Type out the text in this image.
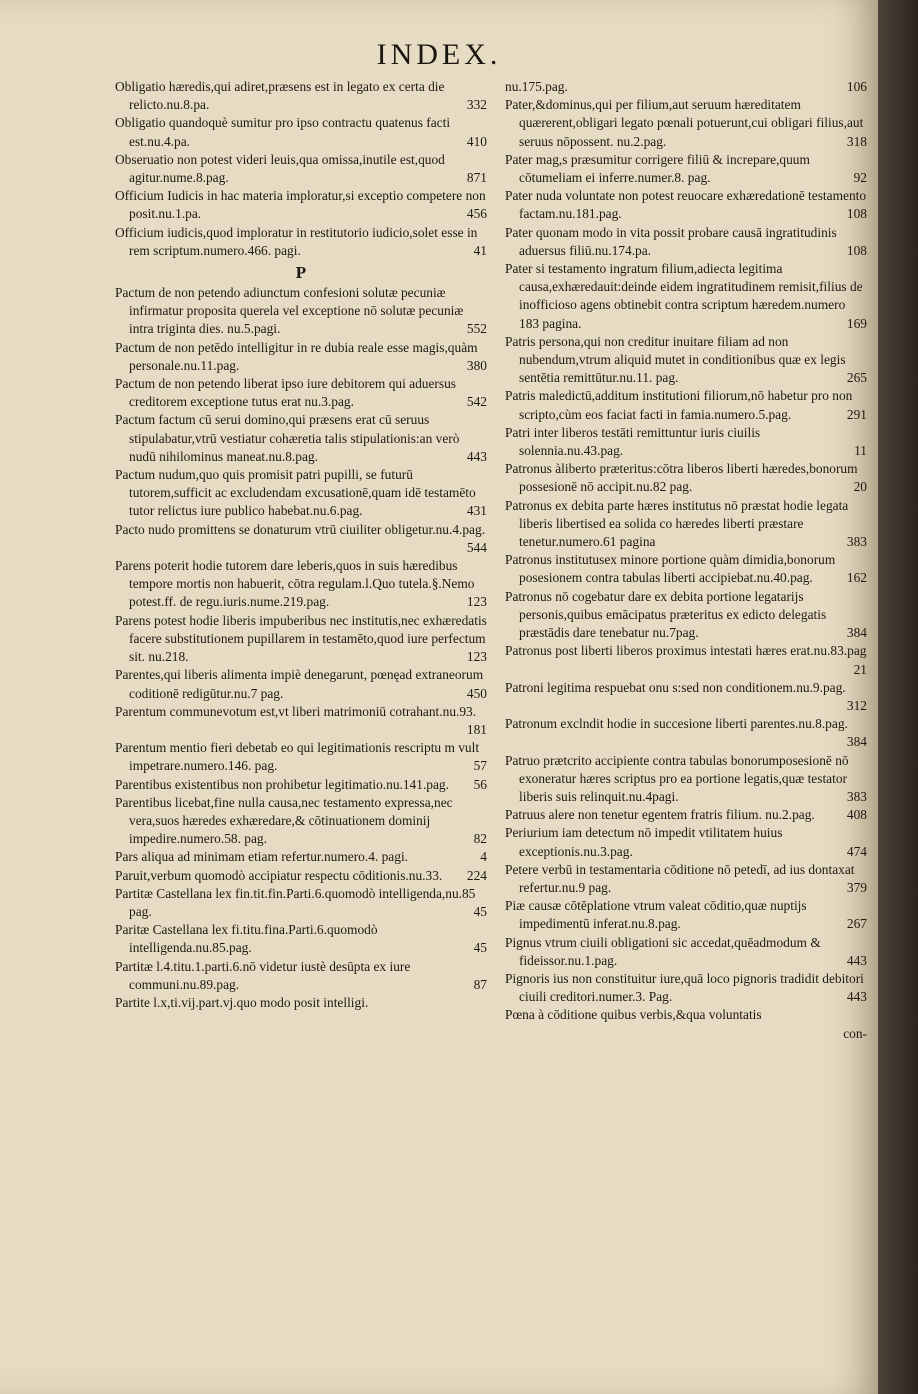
INDEX.

Obligatio hæredis,qui adiret,præsens est in legato ex certa die relicto.nu.8.pa.	332

Obligatio quandoquè sumitur pro ipso contractu quatenus facti est.nu.4.pa.	410

Obseruatio non potest videri leuis,qua omissa,inutile est,quod agitur.nume.8.pag.	871

Officium Iudicis in hac materia imploratur,si exceptio competere non posit.nu.1.pa.	456

Officium iudicis,quod imploratur in restitutorio iudicio,solet esse in rem scriptum.numero.466. pagi.	41

P

Pactum de non petendo adiunctum confesioni solutæ pecuniæ infirmatur proposita querela vel exceptione nō solutæ pecuniæ intra triginta dies. nu.5.pagi.	552

Pactum de non petēdo intelligitur in re dubia reale esse magis,quàm personale.nu.11.pag.	380

Pactum de non petendo liberat ipso iure debitorem qui aduersus creditorem exceptione tutus erat nu.3.pag.	542

Pactum factum cū serui domino,qui præsens erat cū seruus stipulabatur,vtrū vestiatur cohæretia talis stipulationis:an verò nudū nihilominus maneat.nu.8.pag.	443

Pactum nudum,quo quis promisit patri pupilli, se futurū tutorem,sufficit ac excludendam excusationē,quam idē testamēto tutor relictus iure publico habebat.nu.6.pag.	431

Pacto nudo promittens se donaturum vtrū ciuiliter obligetur.nu.4.pag.
544

Parens poterit hodie tutorem dare leberis,quos in suis hæredibus tempore mortis non habuerit, cōtra regulam.l.Quo tutela.§.Nemo potest.ff. de regu.iuris.nume.219.pag.	123

Parens potest hodie liberis impuberibus nec institutis,nec exhæredatis facere substitutionem pupillarem in testamēto,quod iure perfectum sit. nu.218.	123

Parentes,qui liberis alimenta impiè denegarunt, pœnęad extraneorum coditionē redigūtur.nu.7 pag.	450

Parentum communevotum est,vt liberi matrimoniū cotrahant.nu.93.
181

Parentum mentio fieri debetab eo qui legitimationis rescriptu m vult impetrare.numero.146. pag.	57

Parentibus existentibus non prohibetur legitimatio.nu.141.pag.	56

Parentibus licebat,fine nulla causa,nec testamento expressa,nec vera,suos hæredes exhæredare,& cōtinuationem dominij impedire.numero.58. pag.	82

Pars aliqua ad minimam etiam refertur.numero.4. pagi.	4

Paruit,verbum quomodò accipiatur respectu cōditionis.nu.33.	224

Partitæ Castellana lex fin.tit.fin.Parti.6.quomodò intelligenda,nu.85 pag.	45

Paritæ Castellana lex fi.titu.fina.Parti.6.quomodò intelligenda.nu.85.pag.	45

Partitæ l.4.titu.1.parti.6.nō videtur iustè desūpta ex iure communi.nu.89.pag.	87

Partite l.x,ti.vij.part.vj.quo modo posit intelligi.

nu.175.pag.	106

Pater,&dominus,qui per filium,aut seruum hæreditatem quærerent,obligari legato pœnali potuerunt,cui obligari filius,aut seruus nōpossent. nu.2.pag.	318

Pater mag,s præsumitur corrigere filiū & increpare,quum cōtumeliam ei inferre.numer.8. pag.	92

Pater nuda voluntate non potest reuocare exhæredationē testamento factam.nu.181.pag.	108

Pater quonam modo in vita possit probare causā ingratitudinis aduersus filiū.nu.174.pa.	108

Pater si testamento ingratum filium,adiecta legitima causa,exhæredauit:deinde eidem ingratitudinem remisit,filius de inofficioso agens obtinebit contra scriptum hæredem.numero 183 pagina.	169

Patris persona,qui non creditur inuitare filiam ad non nubendum,vtrum aliquid mutet in conditionibus quæ ex legis sentētia remittūtur.nu.11. pag.	265

Patris maledictū,additum institutioni filiorum,nō habetur pro non scripto,cùm eos faciat facti in famia.numero.5.pag.	291

Patri inter liberos testāti remittuntur iuris ciuilis solennia.nu.43.pag.	11

Patronus àliberto præteritus:cōtra liberos liberti hæredes,bonorum possesionē nō accipit.nu.82 pag.	20

Patronus ex debita parte hæres institutus nō præstat hodie legata liberis libertised ea solida co hæredes liberti præstare tenetur.numero.61 pagina	383

Patronus institutusex minore portione quàm dimidia,bonorum posesionem contra tabulas liberti accipiebat.nu.40.pag.	162

Patronus nō cogebatur dare ex debita portione legatarijs personis,quibus emācipatus præteritus ex edicto delegatis præstādis dare tenebatur nu.7pag.	384

Patronus post liberti liberos proximus intestati hæres erat.nu.83.pag
21

Patroni legitima respuebat onu s:sed non conditionem.nu.9.pag.
312

Patronum exclndit hodie in succesione liberti parentes.nu.8.pag.
384

Patruo prætcrito accipiente contra tabulas bonorumposesionē nō exoneratur hæres scriptus pro ea portione legatis,quæ testator liberis suis relinquit.nu.4pagi.	383

Patruus alere non tenetur egentem fratris filium. nu.2.pag.	408

Periurium iam detectum nō impedit vtilitatem huius exceptionis.nu.3.pag.	474

Petere verbū in testamentaria cōditione nō petedī, ad ius dontaxat refertur.nu.9 pag.	379

Piæ causæ cōtēplatione vtrum valeat cōditio,quæ nuptijs impedimentū inferat.nu.8.pag.	267

Pignus vtrum ciuili obligationi sic accedat,quēadmodum & fideissor.nu.1.pag.	443

Pignoris ius non constituitur iure,quā loco pignoris tradidit debitori ciuili creditori.numer.3. Pag.	443

Pœna à cōditione quibus verbis,&qua voluntatis

con-
